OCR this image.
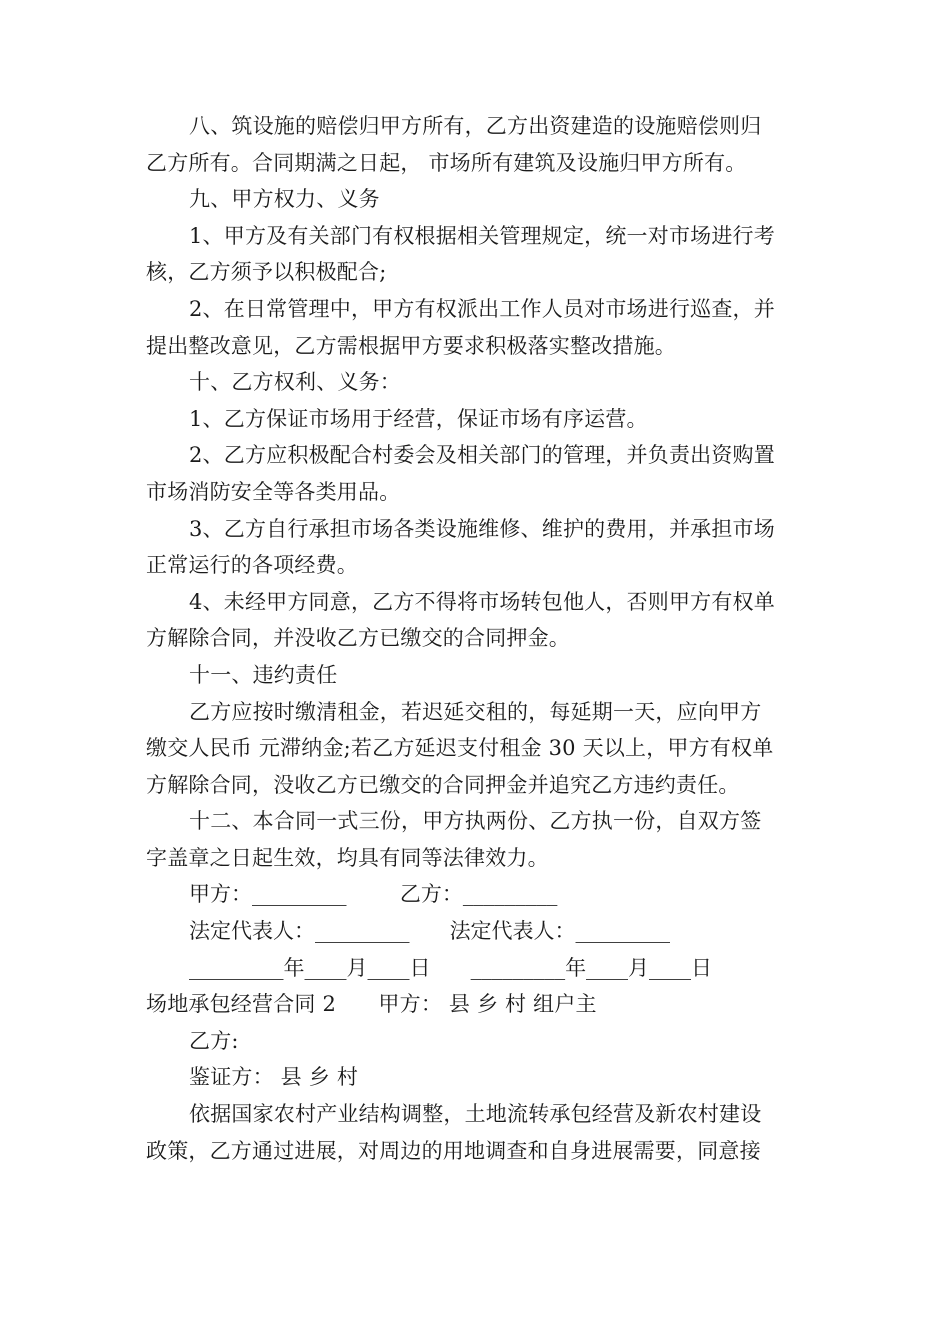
八、筑设施的赔偿归甲方所有，乙方出资建造的设施赔偿则归

乙方所有。合同期满之日起， 市场所有建筑及设施归甲方所有。

九、甲方权力、义务

1、甲方及有关部门有权根据相关管理规定，统一对市场进行考

核，乙方须予以积极配合;

2、在日常管理中，甲方有权派出工作人员对市场进行巡查，并

提出整改意见，乙方需根据甲方要求积极落实整改措施。

十、乙方权利、义务：

1、乙方保证市场用于经营，保证市场有序运营。

2、乙方应积极配合村委会及相关部门的管理，并负责出资购置

市场消防安全等各类用品。

3、乙方自行承担市场各类设施维修、维护的费用，并承担市场

正常运行的各项经费。

4、未经甲方同意，乙方不得将市场转包他人，否则甲方有权单

方解除合同，并没收乙方已缴交的合同押金。

十一、违约责任

乙方应按时缴清租金，若迟延交租的，每延期一天，应向甲方

缴交人民币 元滞纳金;若乙方延迟支付租金 30 天以上，甲方有权单

方解除合同，没收乙方已缴交的合同押金并追究乙方违约责任。

十二、本合同一式三份，甲方执两份、乙方执一份，自双方签

字盖章之日起生效，均具有同等法律效力。

甲方：_________	乙方：_________
法定代表人：_________ 法定代表人：_________
_________年____月____日 _________年____月____日

场地承包经营合同 2　　甲方： 县 乡 村 组户主

乙方:

鉴证方： 县 乡 村

依据国家农村产业结构调整，土地流转承包经营及新农村建设

政策，乙方通过进展，对周边的用地调查和自身进展需要，同意接
